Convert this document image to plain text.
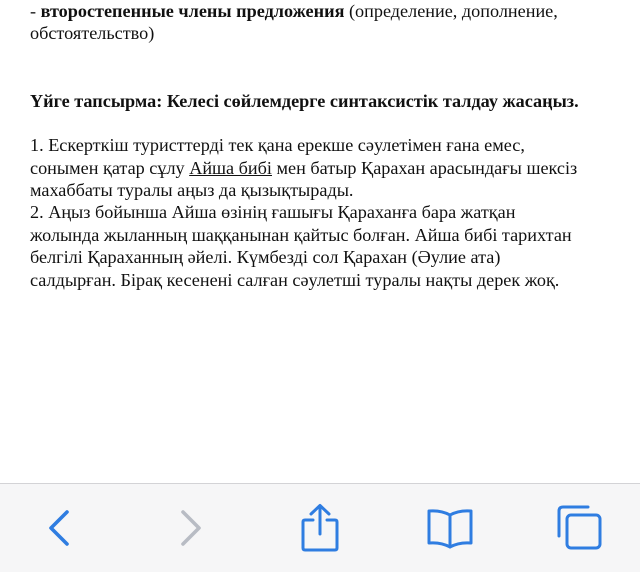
- второстепенные члены предложения (определение, дополнение,

обстоятельство)

Үйге тапсырма: Келесі сөйлемдерге синтаксистік талдау жасаңыз.

1. Ескерткіш туристтерді тек қана ерекше сәулетімен ғана емес,
сонымен қатар сұлу Айша бибі мен батыр Қарахан арасындағы шексіз
махаббаты туралы аңыз да қызықтырады.
2. Аңыз бойынша Айша өзінің ғашығы Қараханға бара жатқан
жолында жыланның шаққанынан қайтыс болған. Айша бибі тарихтан
белгілі Қараханның әйелі. Күмбезді сол Қарахан (Әулие ата)
салдырған. Бірақ кесенені салған сәулетші туралы нақты дерек жоқ.
